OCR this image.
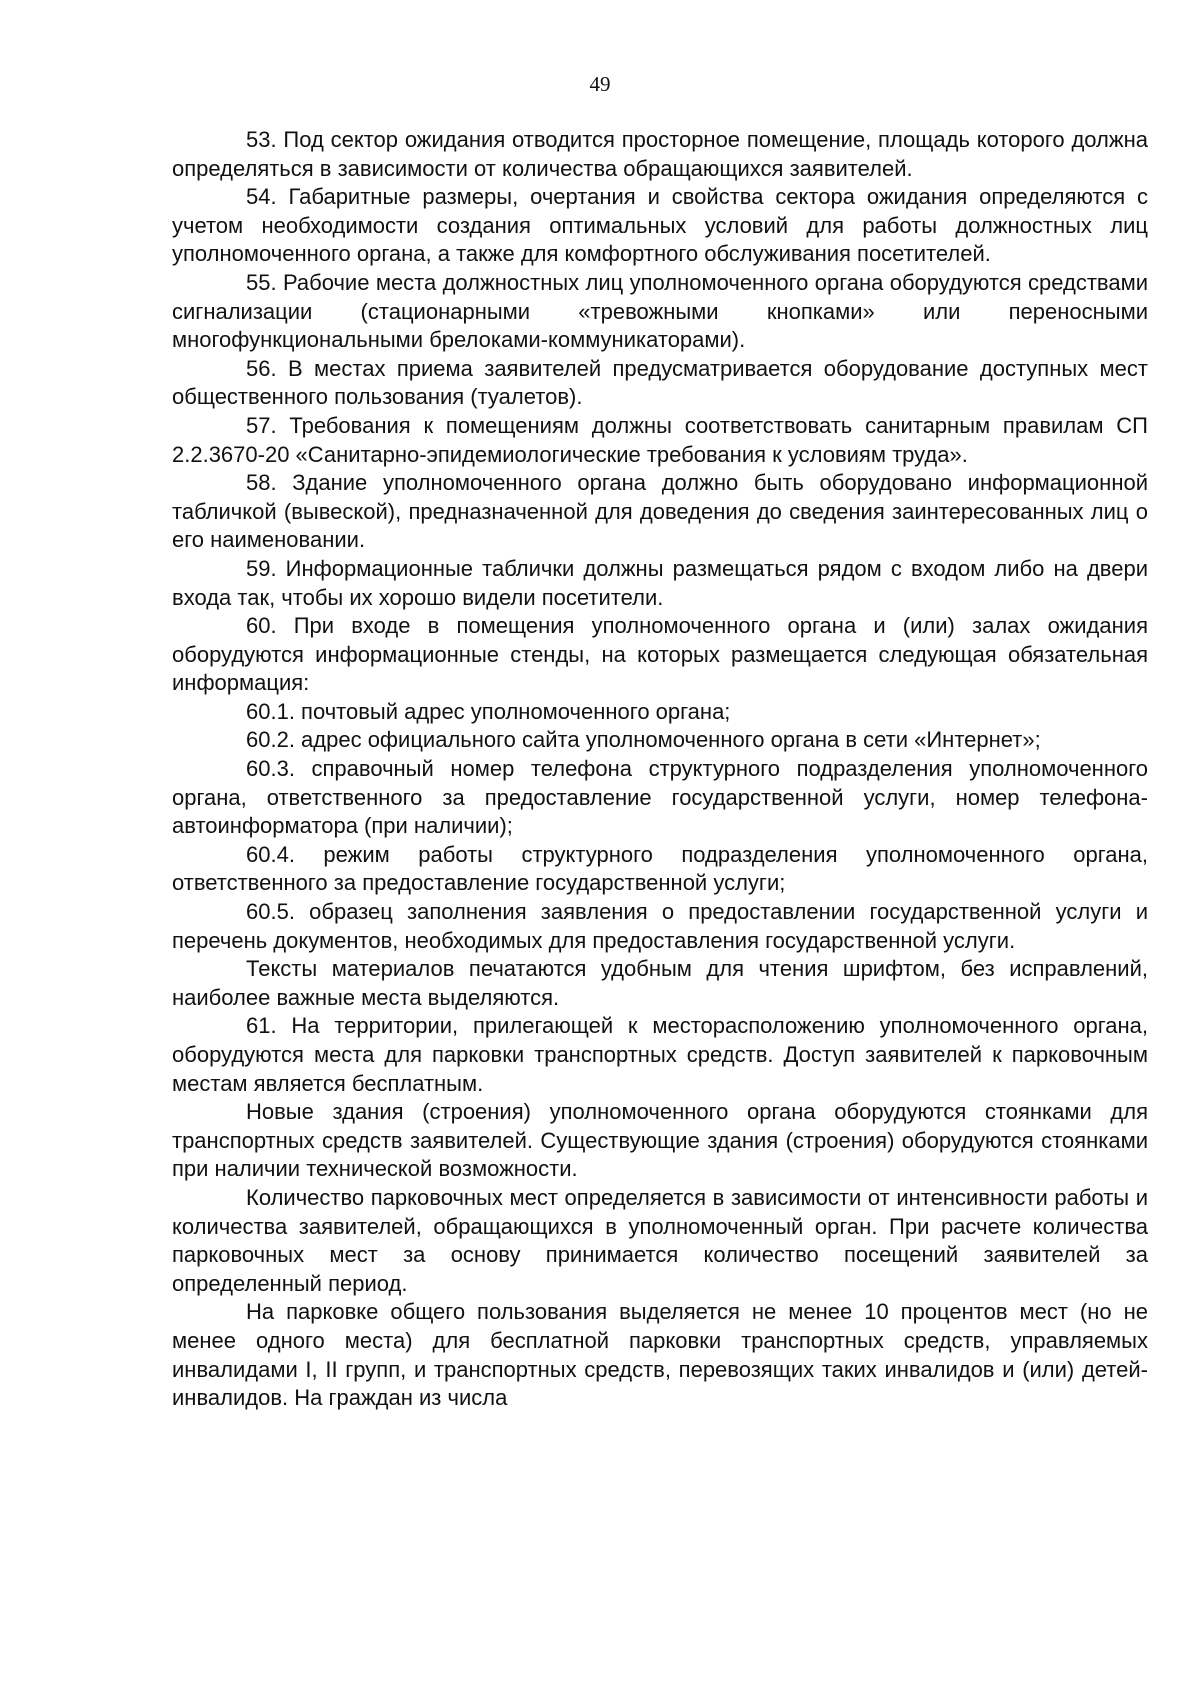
49

53. Под сектор ожидания отводится просторное помещение, площадь которого должна определяться в зависимости от количества обращающихся заявителей.

54. Габаритные размеры, очертания и свойства сектора ожидания определяются с учетом необходимости создания оптимальных условий для работы должностных лиц уполномоченного органа, а также для комфортного обслуживания посетителей.

55. Рабочие места должностных лиц уполномоченного органа оборудуются средствами сигнализации (стационарными «тревожными кнопками» или переносными многофункциональными брелоками-коммуникаторами).

56. В местах приема заявителей предусматривается оборудование доступных мест общественного пользования (туалетов).

57. Требования к помещениям должны соответствовать санитарным правилам СП 2.2.3670-20 «Санитарно-эпидемиологические требования к условиям труда».

58. Здание уполномоченного органа должно быть оборудовано информационной табличкой (вывеской), предназначенной для доведения до сведения заинтересованных лиц о его наименовании.

59. Информационные таблички должны размещаться рядом с входом либо на двери входа так, чтобы их хорошо видели посетители.

60. При входе в помещения уполномоченного органа и (или) залах ожидания оборудуются информационные стенды, на которых размещается следующая обязательная информация:

60.1. почтовый адрес уполномоченного органа;

60.2. адрес официального сайта уполномоченного органа в сети «Интернет»;

60.3. справочный номер телефона структурного подразделения уполномоченного органа, ответственного за предоставление государственной услуги, номер телефона-автоинформатора (при наличии);

60.4. режим работы структурного подразделения уполномоченного органа, ответственного за предоставление государственной услуги;

60.5. образец заполнения заявления о предоставлении государственной услуги и перечень документов, необходимых для предоставления государственной услуги.

Тексты материалов печатаются удобным для чтения шрифтом, без исправлений, наиболее важные места выделяются.

61. На территории, прилегающей к месторасположению уполномоченного органа, оборудуются места для парковки транспортных средств. Доступ заявителей к парковочным местам является бесплатным.

Новые здания (строения) уполномоченного органа оборудуются стоянками для транспортных средств заявителей. Существующие здания (строения) оборудуются стоянками при наличии технической возможности.

Количество парковочных мест определяется в зависимости от интенсивности работы и количества заявителей, обращающихся в уполномоченный орган. При расчете количества парковочных мест за основу принимается количество посещений заявителей за определенный период.

На парковке общего пользования выделяется не менее 10 процентов мест (но не менее одного места) для бесплатной парковки транспортных средств, управляемых инвалидами I, II групп, и транспортных средств, перевозящих таких инвалидов и (или) детей-инвалидов. На граждан из числа
